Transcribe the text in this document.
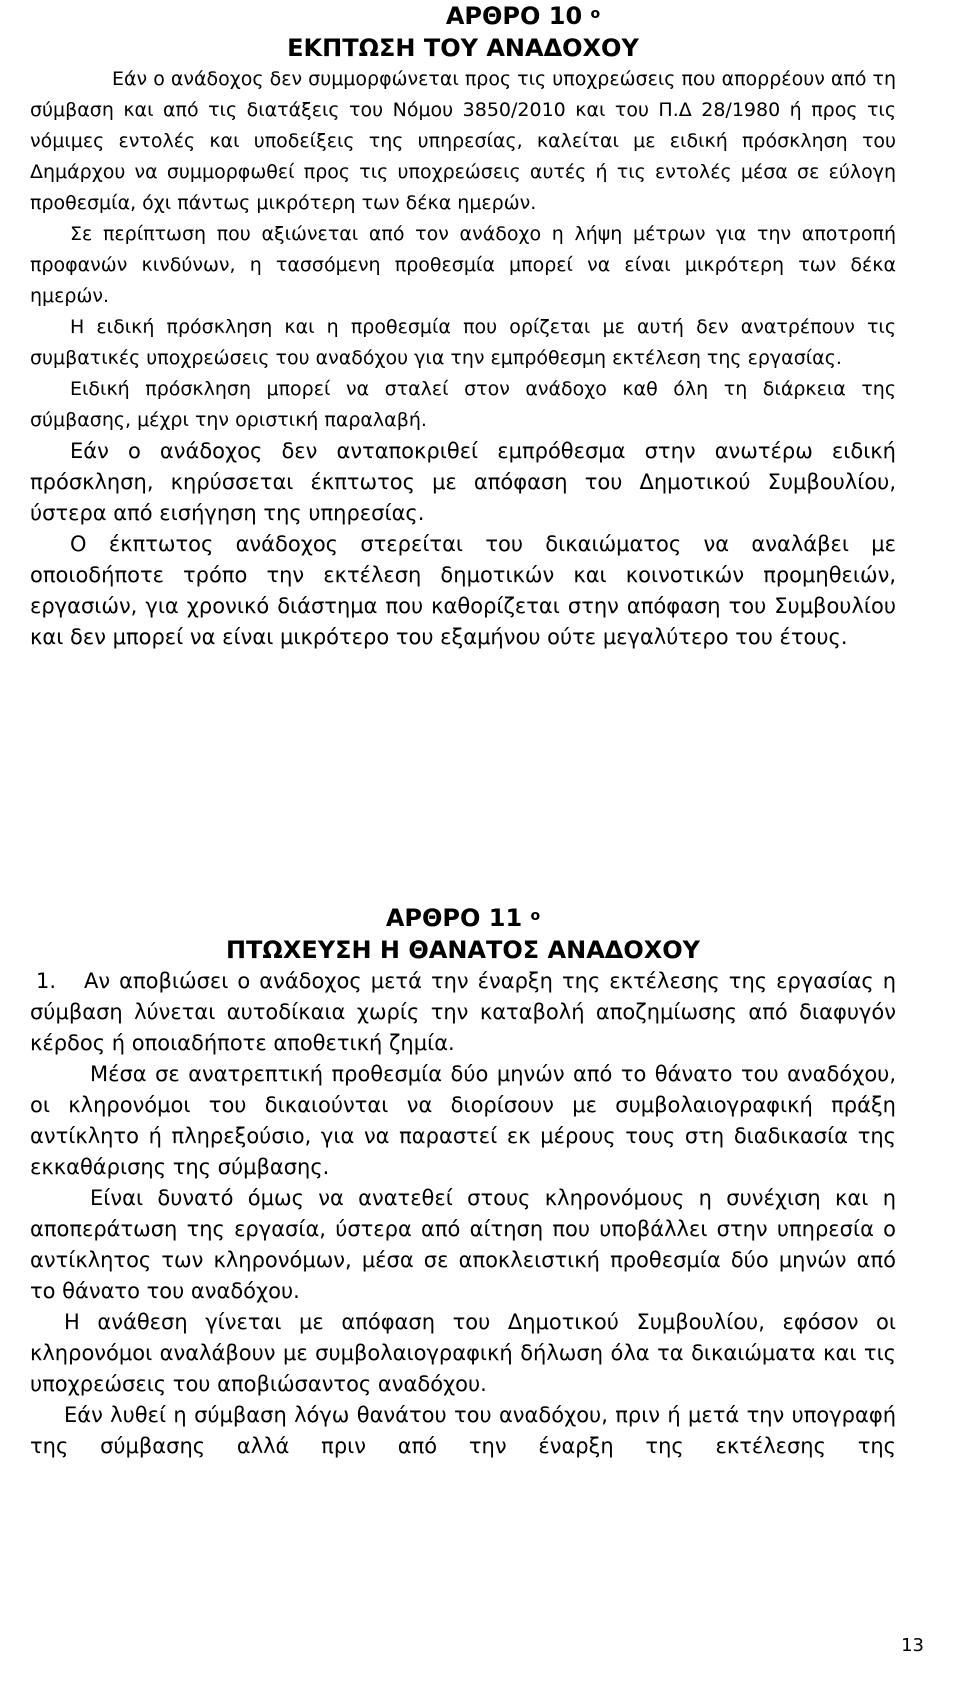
ΑΡΘΡΟ 10 $^o$

ΕΚΠΤΩΣΗ ΤΟΥ ΑΝΑΔΟΧΟΥ

Εάν ο ανάδοχος δεν συμμορφώνεται προς τις υποχρεώσεις που απορρέουν από τη σύμβαση και από τις διατάξεις του Νόμου 3850/2010 και του Π.Δ 28/1980 ή προς τις νόμιμες εντολές και υποδείξεις της υπηρεσίας, καλείται με ειδική πρόσκληση του Δημάρχου να συμμορφωθεί προς τις υποχρεώσεις αυτές ή τις εντολές μέσα σε εύλογη προθεσμία, όχι πάντως μικρότερη των δέκα ημερών.

Σε περίπτωση που αξιώνεται από τον ανάδοχο η λήψη μέτρων για την αποτροπή προφανών κινδύνων, η τασσόμενη προθεσμία μπορεί να είναι μικρότερη των δέκα ημερών.

Η ειδική πρόσκληση και η προθεσμία που ορίζεται με αυτή δεν ανατρέπουν τις συμβατικές υποχρεώσεις του αναδόχου για την εμπρόθεσμη εκτέλεση της εργασίας.

Ειδική πρόσκληση μπορεί να σταλεί στον ανάδοχο καθ όλη τη διάρκεια της σύμβασης, μέχρι την οριστική παραλαβή.

Εάν ο ανάδοχος δεν ανταποκριθεί εμπρόθεσμα στην ανωτέρω ειδική πρόσκληση, κηρύσσεται έκπτωτος με απόφαση του Δημοτικού Συμβουλίου, ύστερα από εισήγηση της υπηρεσίας.

Ο έκπτωτος ανάδοχος στερείται του δικαιώματος να αναλάβει με οποιοδήποτε τρόπο την εκτέλεση δημοτικών και κοινοτικών προμηθειών, εργασιών, για χρονικό διάστημα που καθορίζεται στην απόφαση του Συμβουλίου και δεν μπορεί να είναι μικρότερο του εξαμήνου ούτε μεγαλύτερο του έτους.

ΑΡΘΡΟ 11 $^o$

ΠΤΩΧΕΥΣΗ Η ΘΑΝΑΤΟΣ ΑΝΑΔΟΧΟΥ

1. Αν αποβιώσει ο ανάδοχος μετά την έναρξη της εκτέλεσης της εργασίας η σύμβαση λύνεται αυτοδίκαια χωρίς την καταβολή αποζημίωσης από διαφυγόν κέρδος ή οποιαδήποτε αποθετική ζημία.

Μέσα σε ανατρεπτική προθεσμία δύο μηνών από το θάνατο του αναδόχου, οι κληρονόμοι του δικαιούνται να διορίσουν με συμβολαιογραφική πράξη αντίκλητο ή πληρεξούσιο, για να παραστεί εκ μέρους τους στη διαδικασία της εκκαθάρισης της σύμβασης.

Είναι δυνατό όμως να ανατεθεί στους κληρονόμους η συνέχιση και η αποπεράτωση της εργασία, ύστερα από αίτηση που υποβάλλει στην υπηρεσία ο αντίκλητος των κληρονόμων, μέσα σε αποκλειστική προθεσμία δύο μηνών από το θάνατο του αναδόχου.

Η ανάθεση γίνεται με απόφαση του Δημοτικού Συμβουλίου, εφόσον οι κληρονόμοι αναλάβουν με συμβολαιογραφική δήλωση όλα τα δικαιώματα και τις υποχρεώσεις του αποβιώσαντος αναδόχου.

Εάν λυθεί η σύμβαση λόγω θανάτου του αναδόχου, πριν ή μετά την υπογραφή της σύμβασης αλλά πριν από την έναρξη της εκτέλεσης της

13
